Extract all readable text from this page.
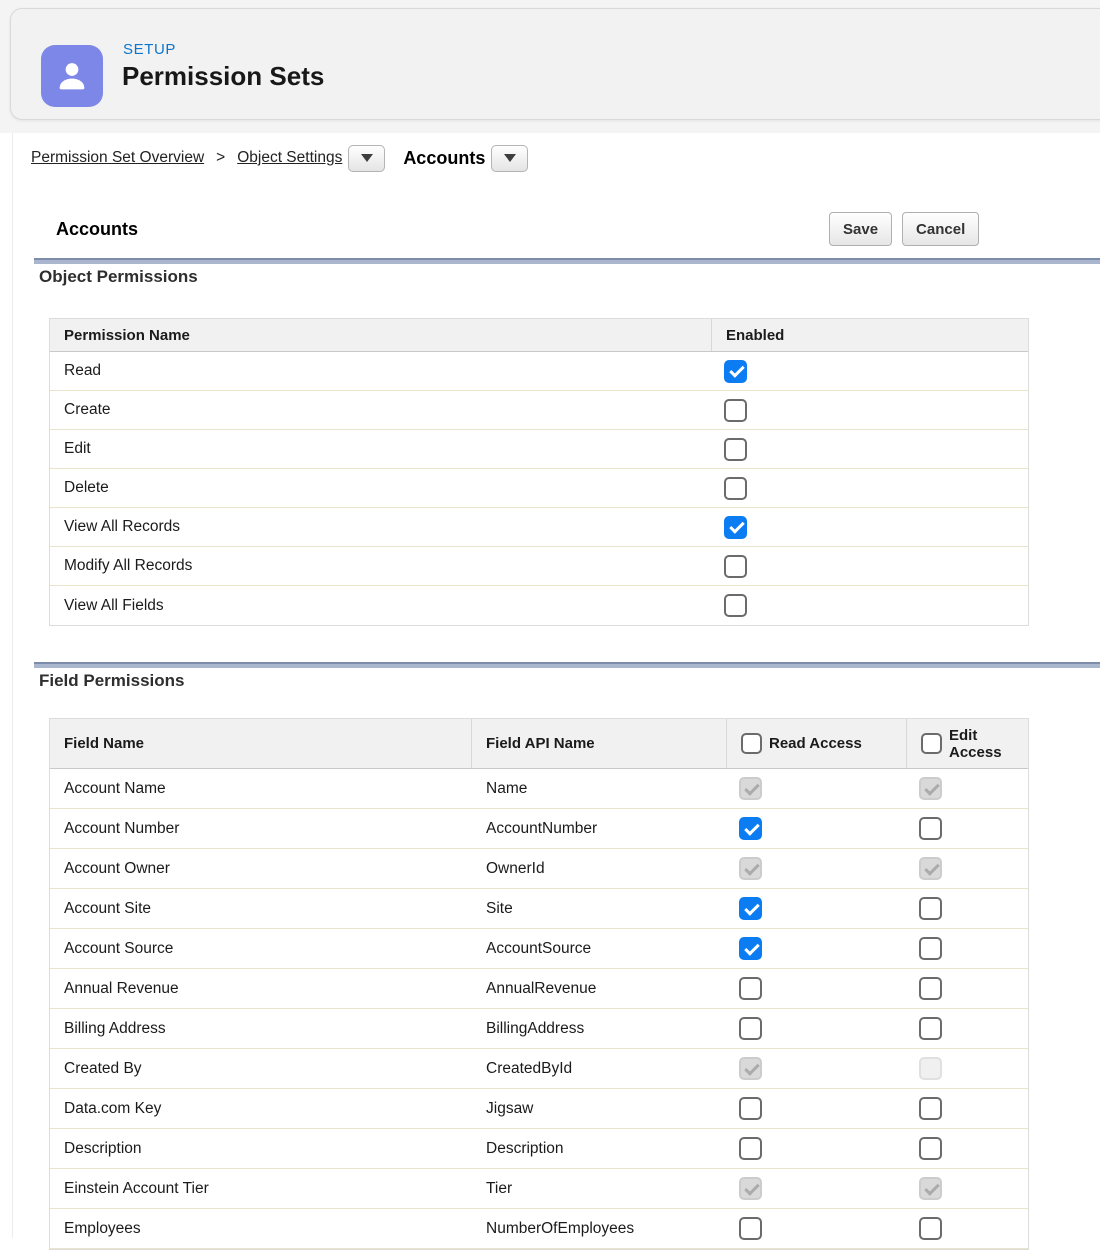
SETUP
Permission Sets
Permission Set Overview > Object Settings	Accounts
Accounts	Save	Cancel
Object Permissions
Permission Name	Enabled
Read
Create
Edit
Delete
View All Records
Modify All Records
View All Fields
Field Permissions
Field Name	Field API Name	Read Access	Edit Access
Account Name	Name
Account Number	AccountNumber
Account Owner	OwnerId
Account Site	Site
Account Source	AccountSource
Annual Revenue	AnnualRevenue
Billing Address	BillingAddress
Created By	CreatedById
Data.com Key	Jigsaw
Description	Description
Einstein Account Tier	Tier
Employees	NumberOfEmployees
